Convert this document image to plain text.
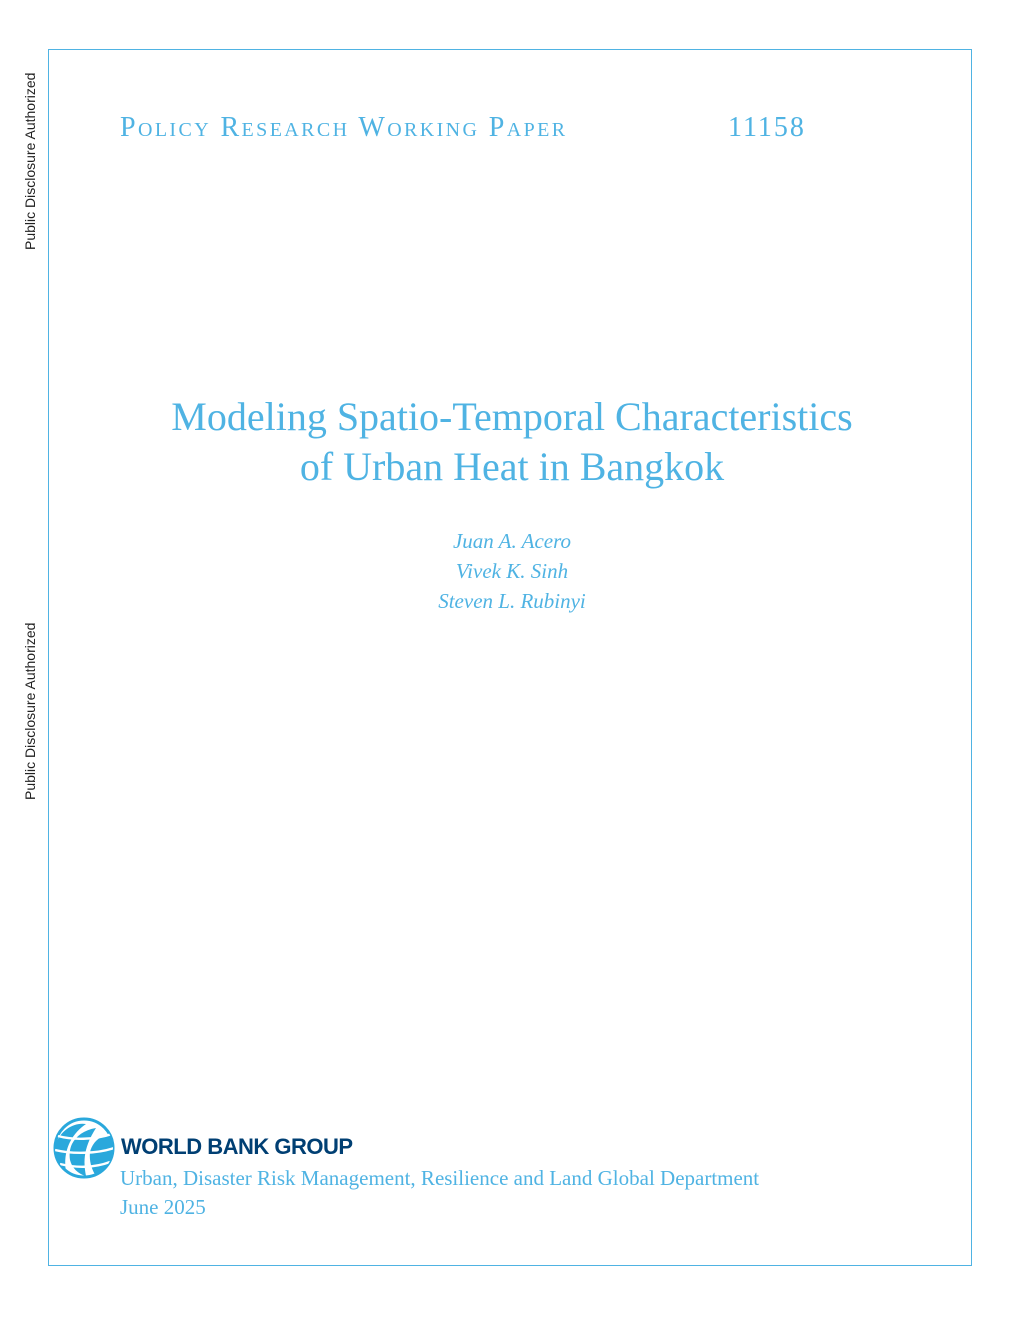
Public Disclosure Authorized
Public Disclosure Authorized
Policy Research Working Paper	11158
Modeling Spatio-Temporal Characteristics
of Urban Heat in Bangkok
Juan A. Acero
Vivek K. Sinh
Steven L. Rubinyi
WORLD BANK GROUP
Urban, Disaster Risk Management, Resilience and Land Global Department
June 2025
